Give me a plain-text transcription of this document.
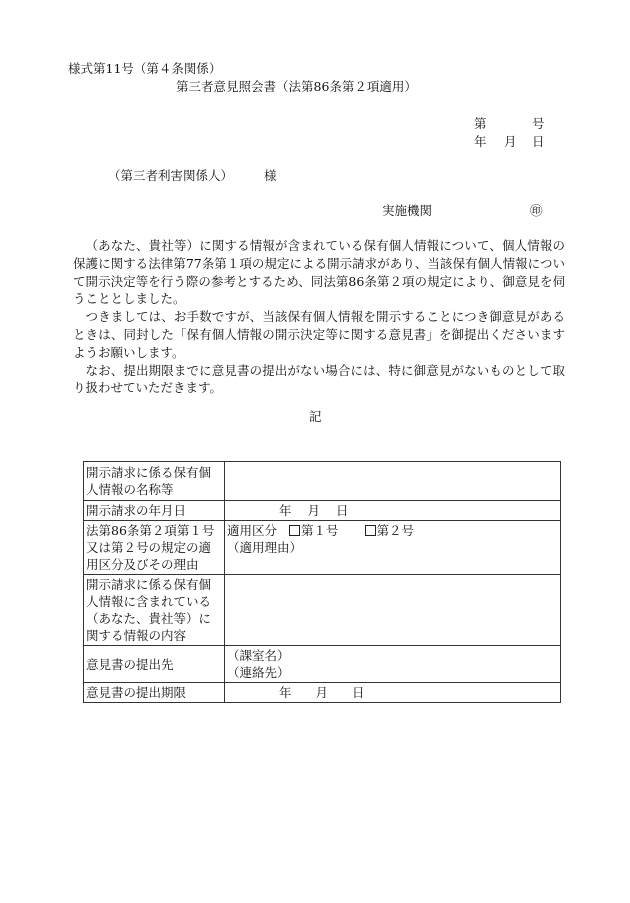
様式第11号（第４条関係）
第三者意見照会書（法第86条第２項適用）
第	号
年 月 日
（第三者利害関係人） 様
実施機関	㊞

（あなた、貴社等）に関する情報が含まれている保有個人情報について、個人情報の保護に関する法律第77条第１項の規定による開示請求があり、当該保有個人情報について開示決定等を行う際の参考とするため、同法第86条第２項の規定により、御意見を伺うこととしました。

つきましては、お手数ですが、当該保有個人情報を開示することにつき御意見があるときは、同封した「保有個人情報の開示決定等に関する意見書」を御提出くださいますようお願いします。

なお、提出期限までに意見書の提出がない場合には、特に御意見がないものとして取り扱わせていただきます。

記
開示請求に係る保有個人情報の名称等	
開示請求の年月日	年 月 日
法第86条第２項第１号又は第２号の規定の適用区分及びその理由	適用区分 第１号 第２号
（適用理由）

開示請求に係る保有個人情報に含まれている（あなた、貴社等）に関する情報の内容	
意見書の提出先	（課室名）
（連絡先）

意見書の提出期限	年 月 日
